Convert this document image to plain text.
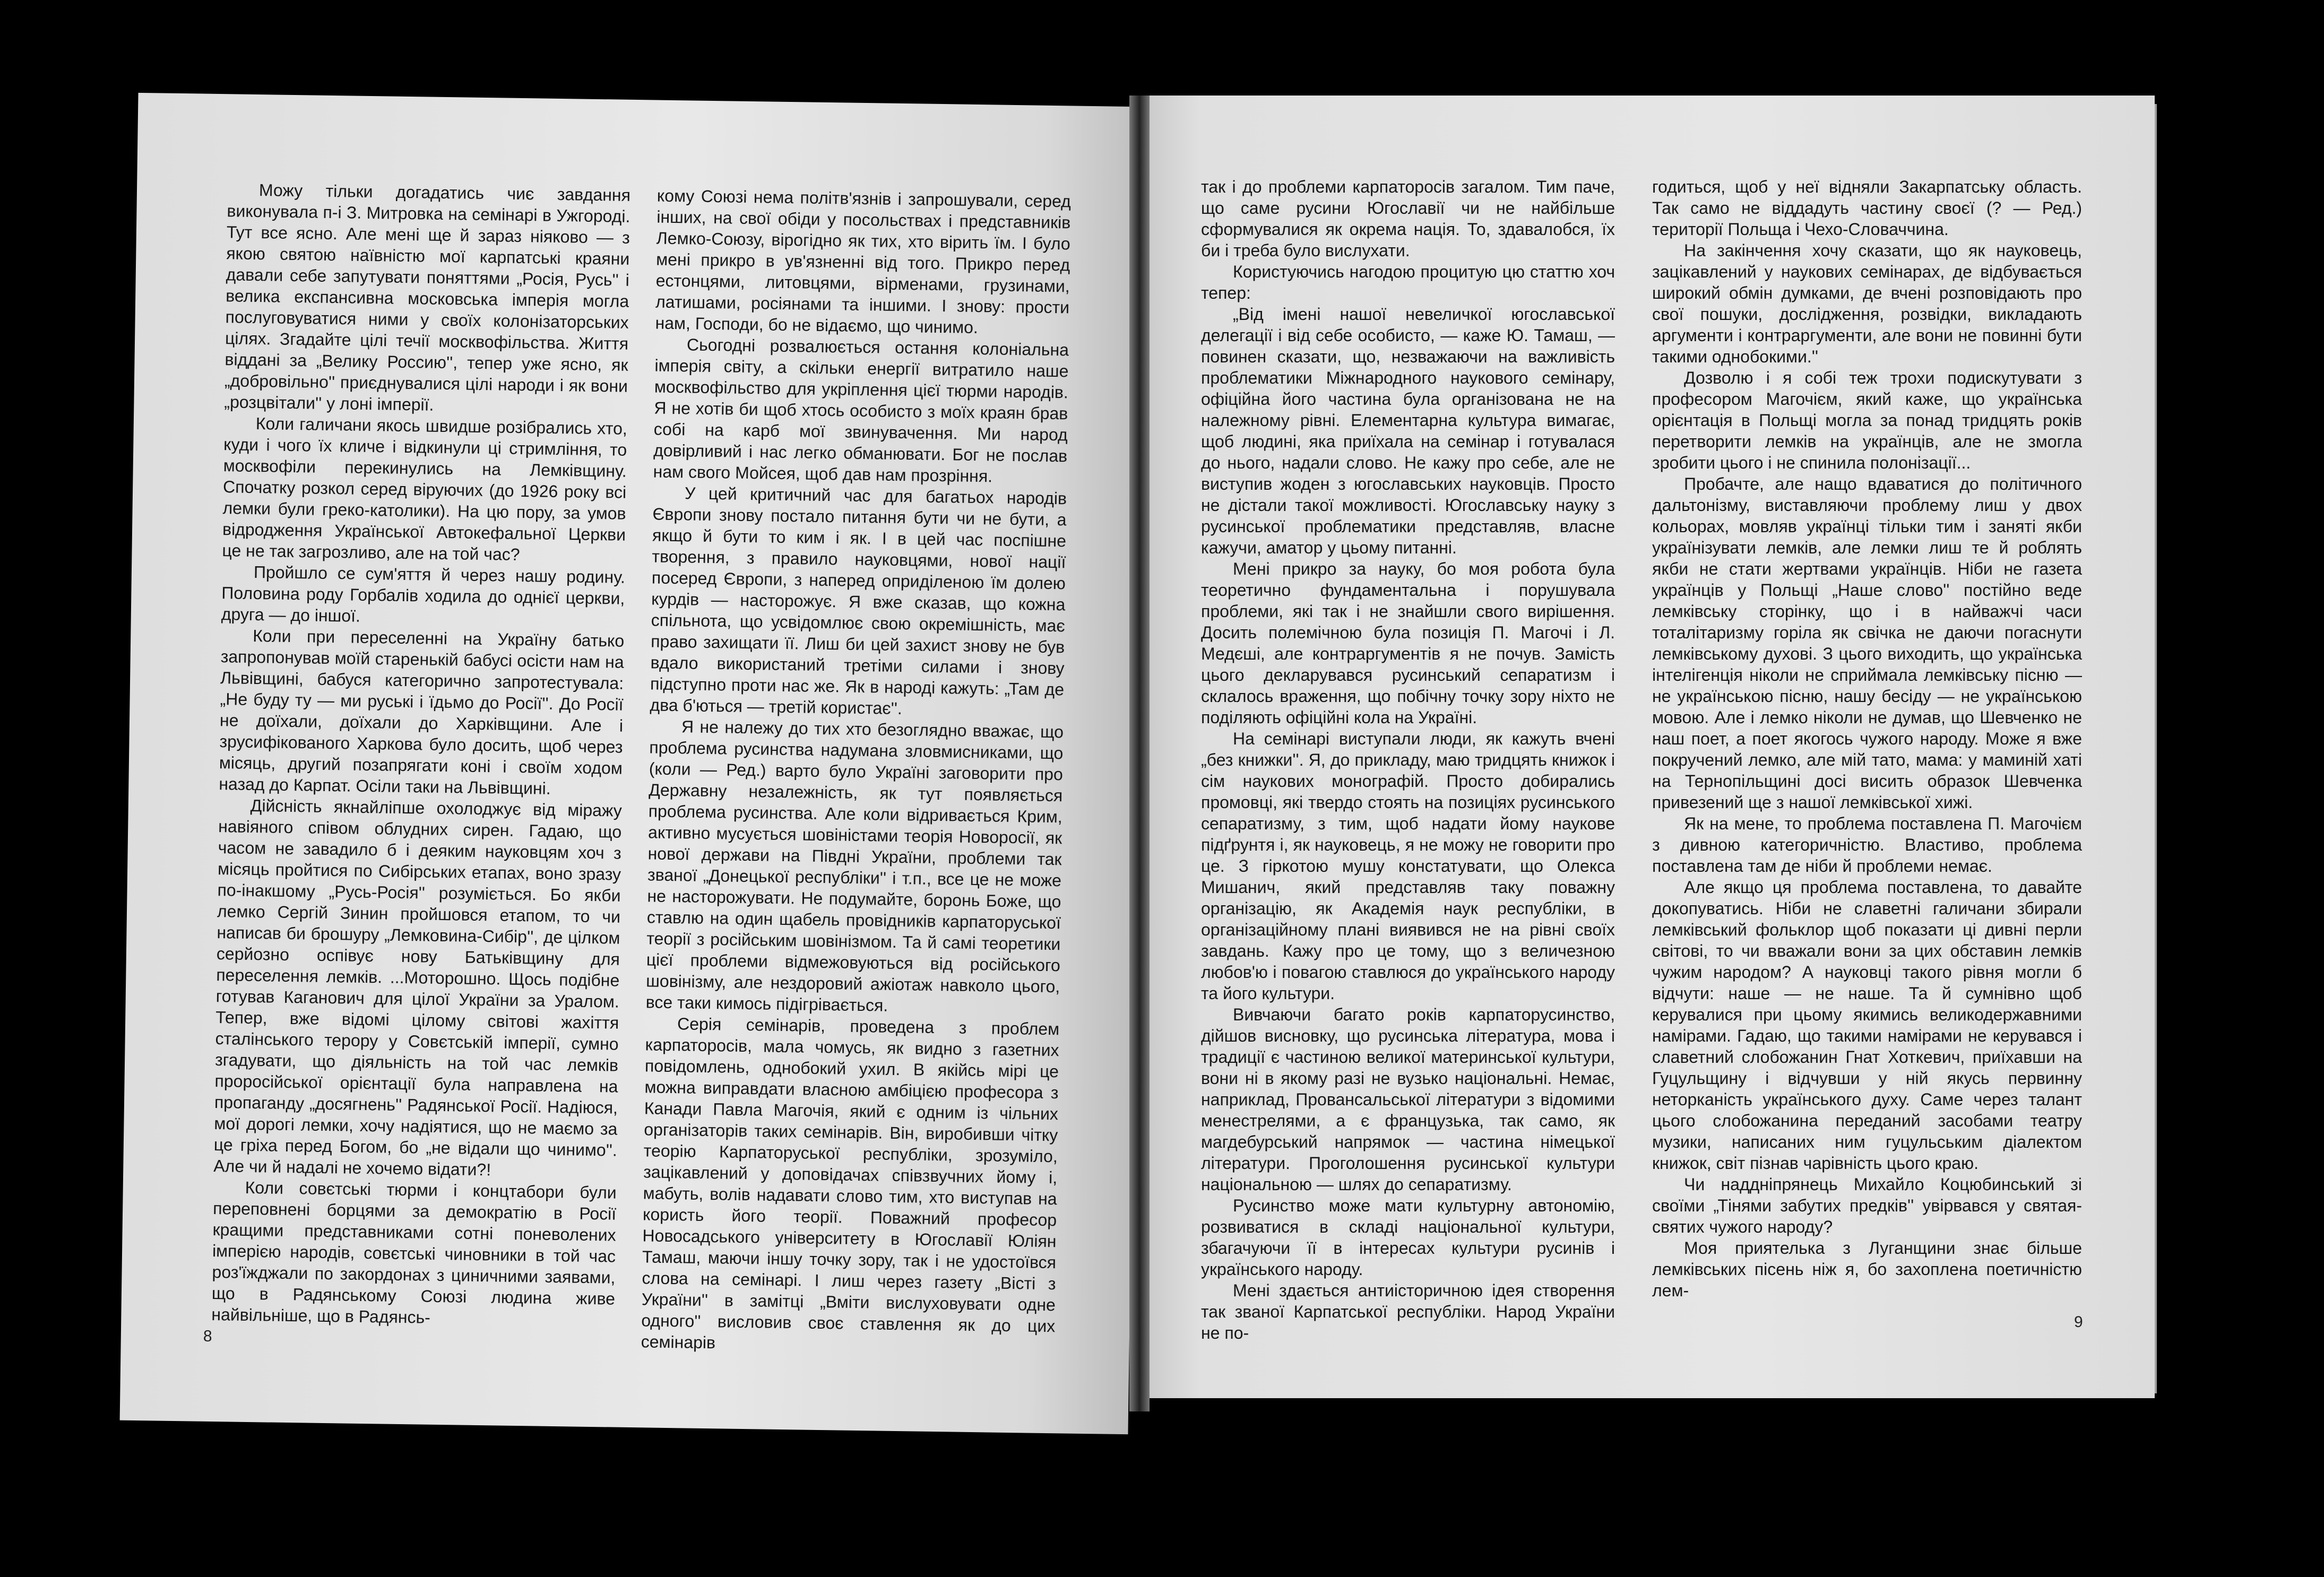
Можу тільки догадатись чиє завдання виконувала п-і З. Митровка на семінарі в Ужгороді. Тут все ясно. Але мені ще й зараз ніяково — з якою святою наївністю мої карпатські краяни давали себе запутувати поняттями „Росія, Русь'' і велика експансивна московська імперія могла послуговуватися ними у своїх колонізаторських цілях. Згадайте цілі течії москвофільства. Життя віддані за „Велику Россию'', тепер уже ясно, як „добровільно'' приєднувалися цілі народи і як вони „розцвітали'' у лоні імперії.

Коли галичани якось швидше розібрались хто, куди і чого їх кличе і відкинули ці стримління, то москвофіли перекинулись на Лемківщину. Спочатку розкол серед віруючих (до 1926 року всі лемки були греко-католики). На цю пору, за умов відродження Української Автокефальної Церкви це не так загрозливо, але на той час?

Пройшло се сум'яття й через нашу родину. Половина роду Горбалів ходила до однієї церкви, друга — до іншої.

Коли при переселенні на Україну батько запропонував моїй старенькій бабусі осісти нам на Львівщині, бабуся категорично запротестувала: „Не буду ту — ми руські і їдьмо до Росії''. До Росії не доїхали, доїхали до Харківщини. Але і зрусифікованого Харкова було досить, щоб через місяць, другий позапрягати коні і своїм ходом назад до Карпат. Осіли таки на Львівщині.

Дійсність якнайліпше охолоджує від міражу навіяного співом облудних сирен. Гадаю, що часом не завадило б і деяким науковцям хоч з місяць пройтися по Сибірських етапах, воно зразу по-інакшому „Русь-Росія'' розуміється. Бо якби лемко Сергій Зинин пройшовся етапом, то чи написав би брошуру „Лемковина-Сибір'', де цілком серйозно оспівує нову Батьківщину для переселення лемків. ...Моторошно. Щось подібне готував Каганович для цілої України за Уралом. Тепер, вже відомі цілому світові жахіття сталінського терору у Совєтській імперії, сумно згадувати, що діяльність на той час лемків проросійської орієнтації була направлена на пропаганду „досягнень'' Радянської Росії. Надіюся, мої дорогі лемки, хочу надіятися, що не маємо за це гріха перед Богом, бо „не відали що чинимо''. Але чи й надалі не хочемо відати?!

Коли совєтські тюрми і концтабори були переповнені борцями за демократію в Росії кращими представниками сотні поневолених імперією народів, совєтські чиновники в той час роз'їжджали по закордонах з циничними заявами, що в Радянському Союзі людина живе найвільніше, що в Радянсь-

кому Союзі нема політв'язнів і запрошували, серед інших, на свої обіди у посольствах і представників Лемко-Союзу, вірогідно як тих, хто вірить їм. І було мені прикро в ув'язненні від того. Прикро перед естонцями, литовцями, вірменами, грузинами, латишами, росіянами та іншими. І знову: прости нам, Господи, бо не відаємо, що чинимо.

Сьогодні розвалюється остання колоніальна імперія світу, а скільки енергії витратило наше москвофільство для укріплення цієї тюрми народів. Я не хотів би щоб хтось особисто з моїх краян брав собі на карб мої звинувачення. Ми народ довірливий і нас легко обманювати. Бог не послав нам свого Мойсея, щоб дав нам прозріння.

У цей критичний час для багатьох народів Європи знову постало питання бути чи не бути, а якщо й бути то ким і як. І в цей час поспішне творення, з правило науковцями, нової нації посеред Європи, з наперед оприділеною їм долею курдів — насторожує. Я вже сказав, що кожна спільнота, що усвідомлює свою окремішність, має право захищати її. Лиш би цей захист знову не був вдало використаний третіми силами і знову підступно проти нас же. Як в народі кажуть: „Там де два б'ються — третій користає''.

Я не належу до тих хто безоглядно вважає, що проблема русинства надумана зловмисниками, що (коли — Ред.) варто було Україні заговорити про Державну незалежність, як тут появляється проблема русинства. Але коли відривається Крим, активно мусується шовіністами теорія Новоросії, як нової держави на Півдні України, проблеми так званої „Донецької республіки'' і т.п., все це не може не насторожувати. Не подумайте, боронь Боже, що ставлю на один щабель провідників карпаторуської теорії з російським шовінізмом. Та й самі теоретики цієї проблеми відмежовуються від російського шовінізму, але нездоровий ажіотаж навколо цього, все таки кимось підігрівається.

Серія семінарів, проведена з проблем карпаторосів, мала чомусь, як видно з газетних повідомлень, однобокий ухил. В якійсь мірі це можна виправдати власною амбіцією професора з Канади Павла Магочія, який є одним із чільних організаторів таких семінарів. Він, виробивши чітку теорію Карпаторуської республіки, зрозуміло, зацікавлений у доповідачах співзвучних йому і, мабуть, волів надавати слово тим, хто виступав на користь його теорії. Поважний професор Новосадського університету в Югославії Юліян Тамаш, маючи іншу точку зору, так і не удостоївся слова на семінарі. І лиш через газету „Вісті з України'' в замітці „Вміти вислуховувати одне одного'' висловив своє ставлення як до цих семінарів

8

так і до проблеми карпаторосів загалом. Тим паче, що саме русини Югославії чи не найбільше сформувалися як окрема нація. То, здавалобся, їх би і треба було вислухати.

Користуючись нагодою процитую цю статтю хоч тепер:

„Від імені нашої невеличкої югославської делегації і від себе особисто, — каже Ю. Тамаш, — повинен сказати, що, незважаючи на важливість проблематики Міжнародного наукового семінару, офіційна його частина була організована не на належному рівні. Елементарна культура вимагає, щоб людині, яка приїхала на семінар і готувалася до нього, надали слово. Не кажу про себе, але не виступив жоден з югославських науковців. Просто не дістали такої можливості. Югославську науку з русинської проблематики представляв, власне кажучи, аматор у цьому питанні.

Мені прикро за науку, бо моя робота була теоретично фундаментальна і порушувала проблеми, які так і не знайшли свого вирішення. Досить полемічною була позиція П. Магочі і Л. Медєші, але контраргументів я не почув. Замість цього декларувався русинський сепаратизм і склалось враження, що побічну точку зору ніхто не поділяють офіційні кола на Україні.

На семінарі виступали люди, як кажуть вчені „без книжки''. Я, до прикладу, маю тридцять книжок і сім наукових монографій. Просто добирались промовці, які твердо стоять на позиціях русинського сепаратизму, з тим, щоб надати йому наукове підґрунтя і, як науковець, я не можу не говорити про це. З гіркотою мушу констатувати, що Олекса Мишанич, який представляв таку поважну організацію, як Академія наук республіки, в організаційному плані виявився не на рівні своїх завдань. Кажу про це тому, що з величезною любов'ю і повагою ставлюся до українського народу та його культури.

Вивчаючи багато років карпаторусинство, дійшов висновку, що русинська література, мова і традиції є частиною великої материнської культури, вони ні в якому разі не вузько національні. Немає, наприклад, Провансальської літератури з відомими менестрелями, а є французька, так само, як магдебурський напрямок — частина німецької літератури. Проголошення русинської культури національною — шлях до сепаратизму.

Русинство може мати культурну автономію, розвиватися в складі національної культури, збагачуючи її в інтересах культури русинів і українського народу.

Мені здається антиісторичною ідея створення так званої Карпатської республіки. Народ України не по-

годиться, щоб у неї відняли Закарпатську область. Так само не віддадуть частину своєї (? — Ред.) території Польща і Чехо-Словаччина.

На закінчення хочу сказати, що як науковець, зацікавлений у наукових семінарах, де відбувається широкий обмін думками, де вчені розповідають про свої пошуки, дослідження, розвідки, викладають аргументи і контраргументи, але вони не повинні бути такими однобокими.''

Дозволю і я собі теж трохи подискутувати з професором Магочієм, який каже, що українська орієнтація в Польщі могла за понад тридцять років перетворити лемків на українців, але не змогла зробити цього і не спинила полонізації...

Пробачте, але нащо вдаватися до політичного дальтонізму, виставляючи проблему лиш у двох кольорах, мовляв українці тільки тим і заняті якби українізувати лемків, але лемки лиш те й роблять якби не стати жертвами українців. Ніби не газета українців у Польщі „Наше слово'' постійно веде лемківську сторінку, що і в найважчі часи тоталітаризму горіла як свічка не даючи погаснути лемківському духові. З цього виходить, що українська інтелігенція ніколи не сприймала лемківську пісню — не українською пісню, нашу бесіду — не українською мовою. Але і лемко ніколи не думав, що Шевченко не наш поет, а поет якогось чужого народу. Може я вже покручений лемко, але мій тато, мама: у маминій хаті на Тернопільщині досі висить образок Шевченка привезений ще з нашої лемківської хижі.

Як на мене, то проблема поставлена П. Магочієм з дивною категоричністю. Властиво, проблема поставлена там де ніби й проблеми немає.

Але якщо ця проблема поставлена, то давайте докопуватись. Ніби не славетні галичани збирали лемківський фольклор щоб показати ці дивні перли світові, то чи вважали вони за цих обставин лемків чужим народом? А науковці такого рівня могли б відчути: наше — не наше. Та й сумнівно щоб керувалися при цьому якимись великодержавними намірами. Гадаю, що такими намірами не керувався і славетний слобожанин Гнат Хоткевич, приїхавши на Гуцульщину і відчувши у ній якусь первинну неторканість українського духу. Саме через талант цього слобожанина переданий засобами театру музики, написаних ним гуцульським діалектом книжок, світ пізнав чарівність цього краю.

Чи наддніпрянець Михайло Коцюбинський зі своїми „Тінями забутих предків'' увірвався у святая-святих чужого народу?

Моя приятелька з Луганщини знає більше лемківських пісень ніж я, бо захоплена поетичністю лем-

9
